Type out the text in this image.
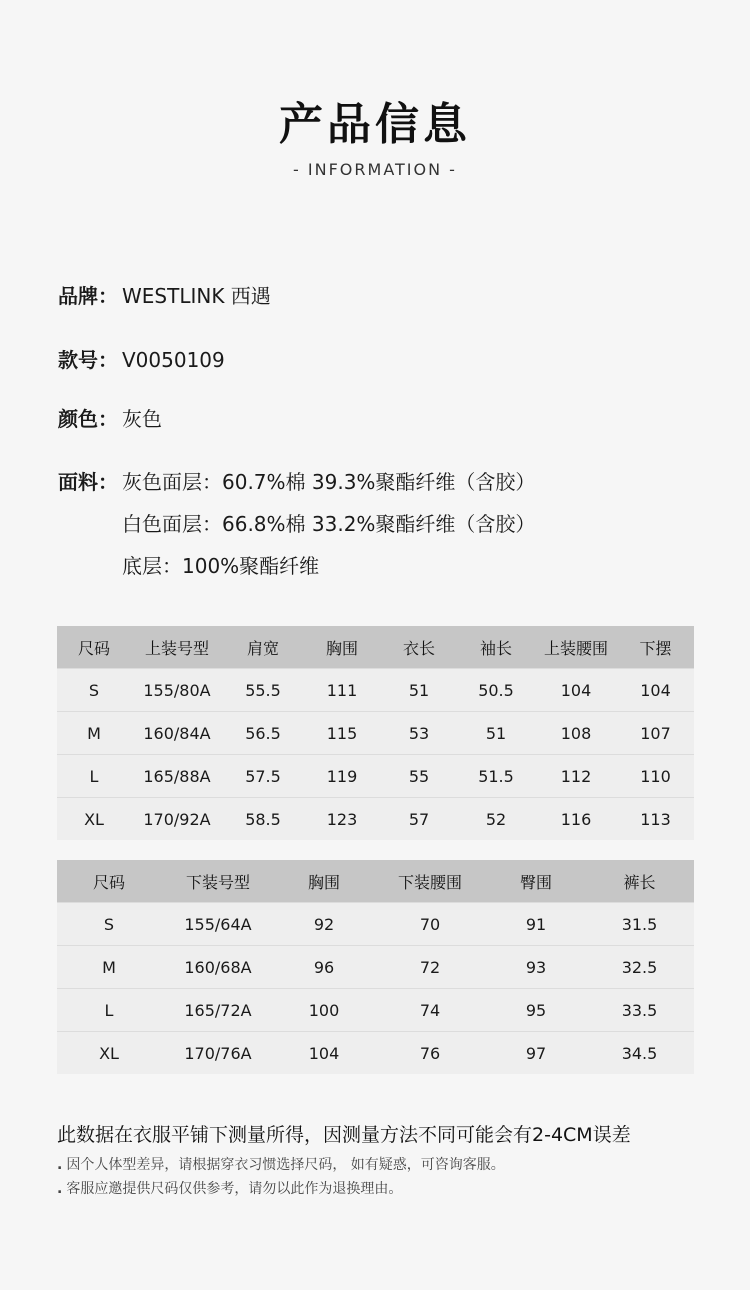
产品信息
- INFORMATION -
品牌： WESTLINK 西遇
款号： V0050109
颜色： 灰色
面料： 灰色面层：60.7%棉 39.3%聚酯纤维（含胶）
白色面层：66.8%棉 33.2%聚酯纤维（含胶）
底层：100%聚酯纤维
尺码	上装号型	肩宽	胸围	衣长	袖长	上装腰围	下摆
S	155/80A	55.5	111	51	50.5	104	104
M	160/84A	56.5	115	53	51	108	107
L	165/88A	57.5	119	55	51.5	112	110
XL	170/92A	58.5	123	57	52	116	113
尺码	下装号型	胸围	下装腰围	臀围	裤长
S	155/64A	92	70	91	31.5
M	160/68A	96	72	93	32.5
L	165/72A	100	74	95	33.5
XL	170/76A	104	76	97	34.5
此数据在衣服平铺下测量所得，因测量方法不同可能会有2-4CM误差
. 因个人体型差异，请根据穿衣习惯选择尺码， 如有疑惑，可咨询客服。
. 客服应邀提供尺码仅供参考，请勿以此作为退换理由。
